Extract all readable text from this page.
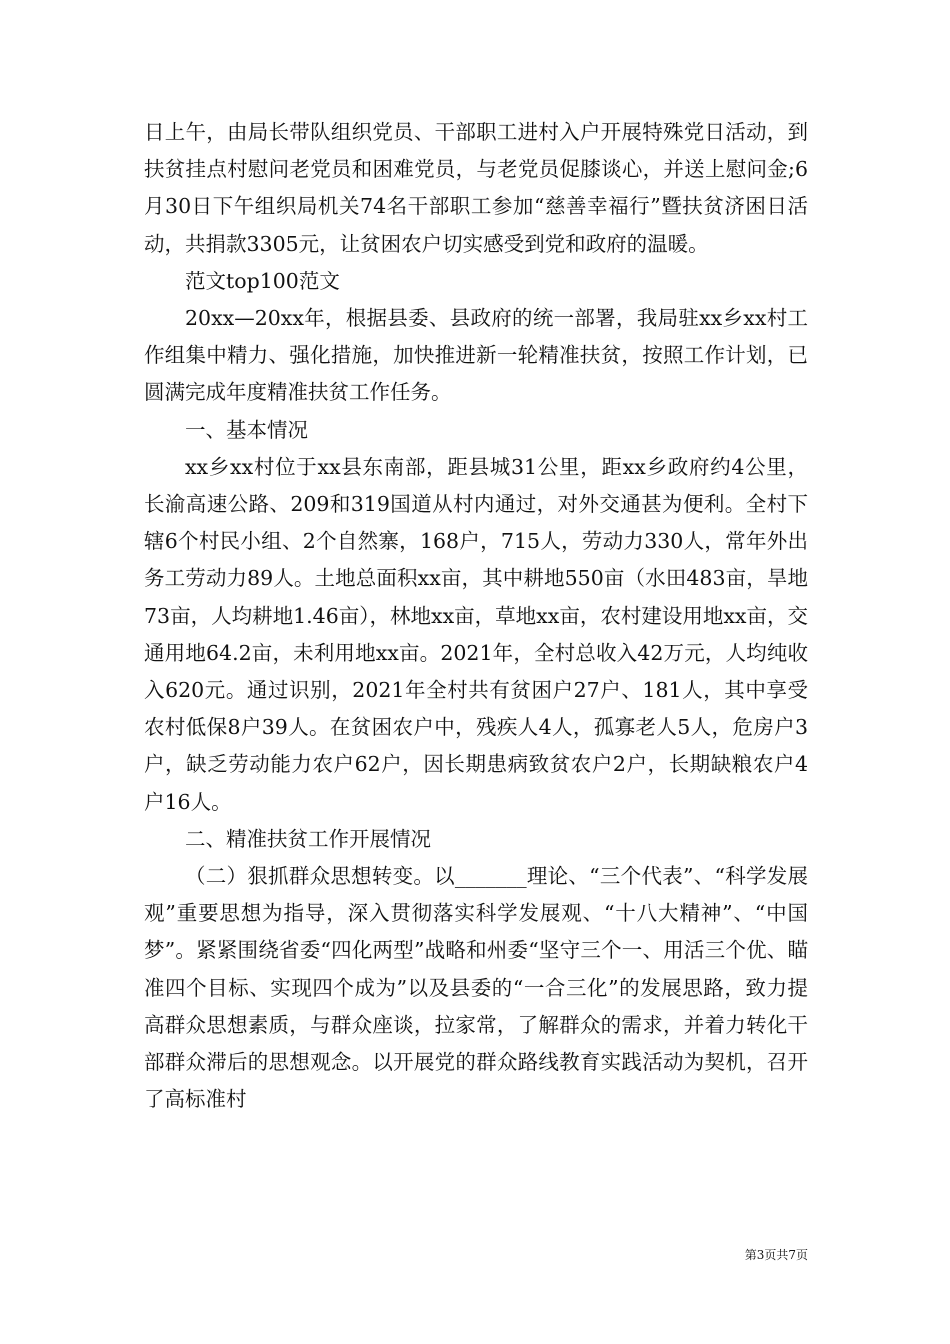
日上午，由局长带队组织党员、干部职工进村入户开展特殊党日活动，到扶贫挂点村慰问老党员和困难党员，与老党员促膝谈心，并送上慰问金;6月30日下午组织局机关74名干部职工参加“慈善幸福行”暨扶贫济困日活动，共捐款3305元，让贫困农户切实感受到党和政府的温暖。

范文top100范文

20xx—20xx年，根据县委、县政府的统一部署，我局驻xx乡xx村工作组集中精力、强化措施，加快推进新一轮精准扶贫，按照工作计划，已圆满完成年度精准扶贫工作任务。

一、基本情况

xx乡xx村位于xx县东南部，距县城31公里，距xx乡政府约4公里，长渝高速公路、209和319国道从村内通过，对外交通甚为便利。全村下辖6个村民小组、2个自然寨，168户，715人，劳动力330人，常年外出务工劳动力89人。土地总面积xx亩，其中耕地550亩（水田483亩，旱地73亩，人均耕地1.46亩），林地xx亩，草地xx亩，农村建设用地xx亩，交通用地64.2亩，未利用地xx亩。2021年，全村总收入42万元，人均纯收入620元。通过识别，2021年全村共有贫困户27户、181人，其中享受农村低保8户39人。在贫困农户中，残疾人4人，孤寡老人5人，危房户3户，缺乏劳动能力农户62户，因长期患病致贫农户2户，长期缺粮农户4户16人。

二、精准扶贫工作开展情况

（二）狠抓群众思想转变。以_______理论、“三个代表”、“科学发展观”重要思想为指导，深入贯彻落实科学发展观、“十八大精神”、“中国梦”。紧紧围绕省委“四化两型”战略和州委“坚守三个一、用活三个优、瞄准四个目标、实现四个成为”以及县委的“一合三化”的发展思路，致力提高群众思想素质，与群众座谈，拉家常，了解群众的需求，并着力转化干部群众滞后的思想观念。以开展党的群众路线教育实践活动为契机，召开了高标准村

第3页共7页
